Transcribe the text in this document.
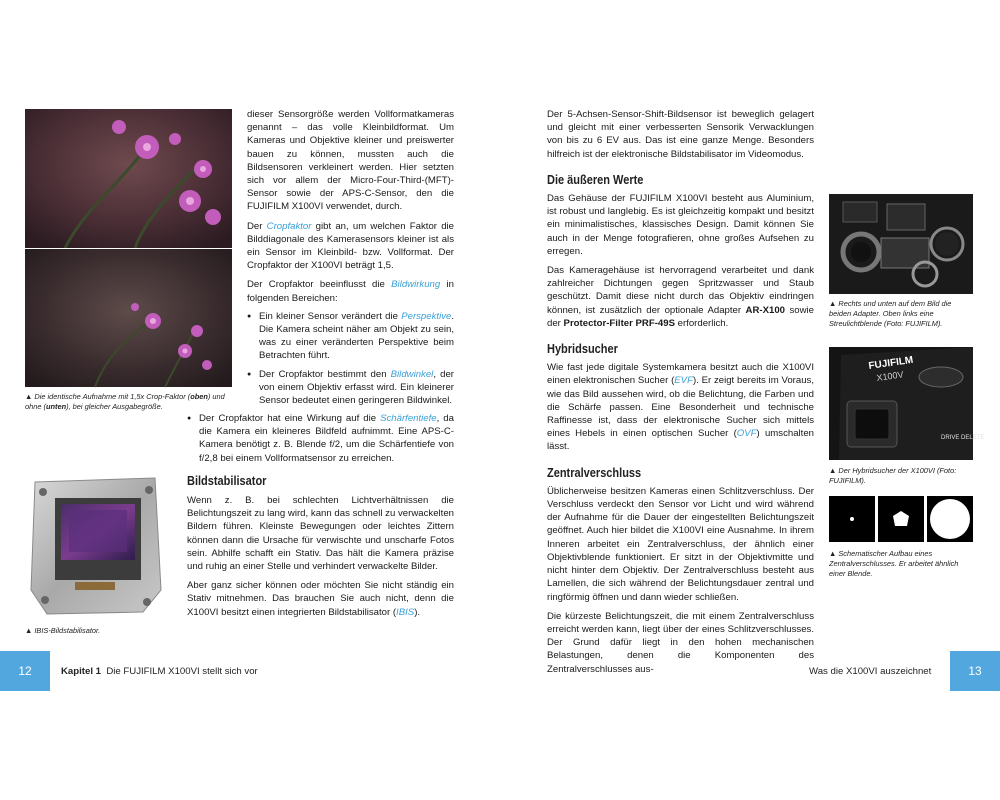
▲ Die identische Aufnahme mit 1,5x Crop-Faktor (oben) und ohne (unten), bei gleicher Ausgabegröße.

dieser Sensorgröße werden Vollformatkameras genannt – das volle Kleinbildformat. Um Kameras und Objektive kleiner und preiswerter bauen zu können, mussten auch die Bildsensoren verkleinert werden. Hier setzten sich vor allem der Micro-Four-Third-(MFT)-Sensor sowie der APS-C-Sensor, den die FUJIFILM X100VI verwendet, durch.

Der Cropfaktor gibt an, um welchen Faktor die Bilddiagonale des Kamerasensors kleiner ist als ein Sensor im Kleinbild- bzw. Vollformat. Der Cropfaktor der X100VI beträgt 1,5.

Der Cropfaktor beeinflusst die Bildwirkung in folgenden Bereichen:

● Ein kleiner Sensor verändert die Perspektive. Die Kamera scheint näher am Objekt zu sein, was zu einer veränderten Perspektive beim Betrachten führt.
● Der Cropfaktor bestimmt den Bildwinkel, der von einem Objektiv erfasst wird. Ein kleinerer Sensor bedeutet einen geringeren Bildwinkel.
● Der Cropfaktor hat eine Wirkung auf die Schärfentiefe, da die Kamera ein kleineres Bildfeld aufnimmt. Eine APS-C-Kamera benötigt z. B. Blende f/2, um die Schärfentiefe von f/2,8 bei einem Vollformatsensor zu erreichen.
▲ IBIS-Bildstabilisator.
Bildstabilisator

Wenn z. B. bei schlechten Lichtverhältnissen die Belichtungszeit zu lang wird, kann das schnell zu verwackelten Bildern führen. Kleinste Bewegungen oder leichtes Zittern können dann die Ursache für verwischte und unscharfe Fotos sein. Abhilfe schafft ein Stativ. Das hält die Kamera präzise und ruhig an einer Stelle und verhindert verwackelte Bilder.

Aber ganz sicher können oder möchten Sie nicht ständig ein Stativ mitnehmen. Das brauchen Sie auch nicht, denn die X100VI besitzt einen integrierten Bildstabilisator (IBIS).

12	Kapitel 1 Die FUJIFILM X100VI stellt sich vor

Der 5-Achsen-Sensor-Shift-Bildsensor ist beweglich gelagert und gleicht mit einer verbesserten Sensorik Verwacklungen von bis zu 6 EV aus. Das ist eine ganze Menge. Besonders hilfreich ist der elektronische Bildstabilisator im Videomodus.

Die äußeren Werte

Das Gehäuse der FUJIFILM X100VI besteht aus Aluminium, ist robust und langlebig. Es ist gleichzeitig kompakt und besitzt ein minimalistisches, klassisches Design. Damit können Sie auch in der Menge fotografieren, ohne großes Aufsehen zu erregen.

Das Kameragehäuse ist hervorragend verarbeitet und dank zahlreicher Dichtungen gegen Spritzwasser und Staub geschützt. Damit diese nicht durch das Objektiv eindringen können, ist zusätzlich der optionale Adapter AR-X100 sowie der Protector-Filter PRF-49S erforderlich.

Hybridsucher

Wie fast jede digitale Systemkamera besitzt auch die X100VI einen elektronischen Sucher (EVF). Er zeigt bereits im Voraus, wie das Bild aussehen wird, ob die Belichtung, die Farben und die Schärfe passen. Eine Besonderheit und technische Raffinesse ist, dass der elektronische Sucher sich mittels eines Hebels in einen optischen Sucher (OVF) umschalten lässt.

Zentralverschluss

Üblicherweise besitzen Kameras einen Schlitzverschluss. Der Verschluss verdeckt den Sensor vor Licht und wird während der Aufnahme für die Dauer der eingestellten Belichtungszeit geöffnet. Auch hier bildet die X100VI eine Ausnahme. In ihrem Inneren arbeitet ein Zentralverschluss, der ähnlich einer Objektivblende funktioniert. Er sitzt in der Objektivmitte und nicht hinter dem Objektiv. Der Zentralverschluss besteht aus Lamellen, die sich während der Belichtungsdauer zentral und ringförmig öffnen und dann wieder schließen.

Die kürzeste Belichtungszeit, die mit einem Zentralverschluss erreicht werden kann, liegt über der eines Schlitzverschlusses. Der Grund dafür liegt in den hohen mechanischen Belastungen, denen die Komponenten des Zentralverschlusses aus-

▲ Rechts und unten auf dem Bild die beiden Adapter. Oben links eine Streulichtblende (Foto: FUJIFILM).
FUJIFILM
X100V
DRIVE DELETE
▲ Der Hybridsucher der X100VI (Foto: FUJIFILM).
▲ Schematischer Aufbau eines Zentralverschlusses. Er arbeitet ähnlich einer Blende.
Was die X100VI auszeichnet	13
